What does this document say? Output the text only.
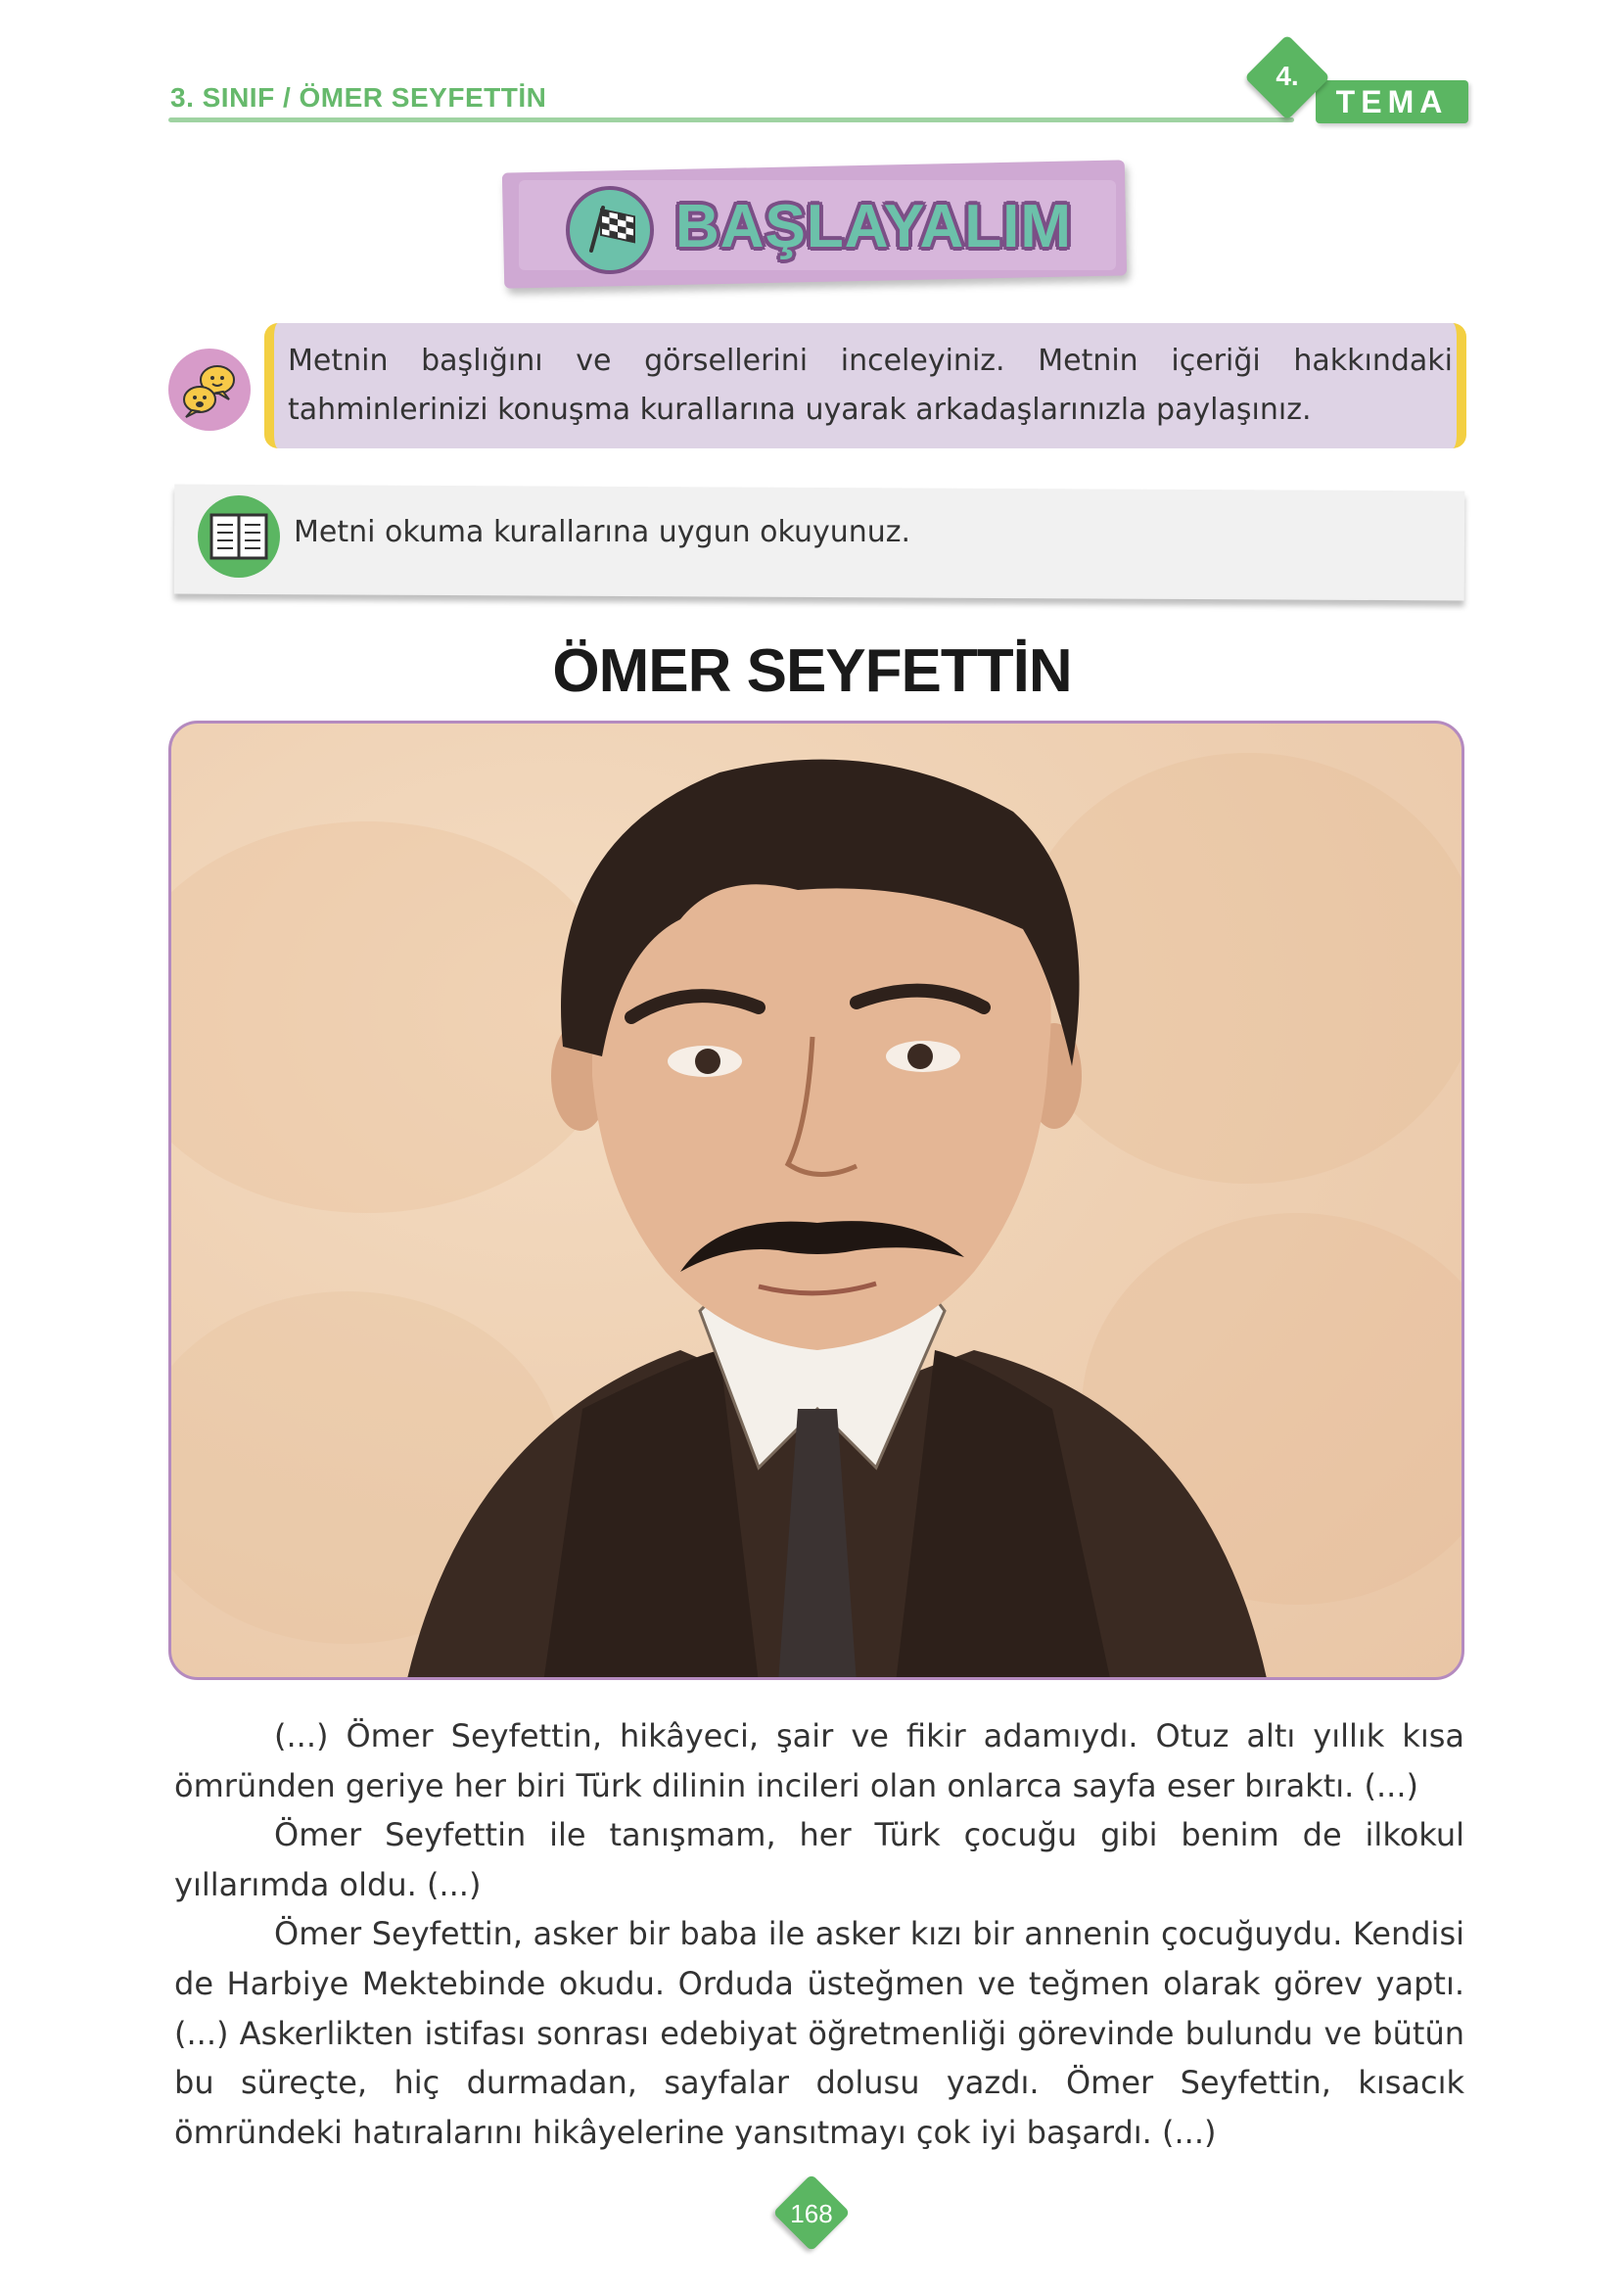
3. SINIF / ÖMER SEYFETTİN	TEMA
4.
BAŞLAYALIM
Metnin başlığını ve görsellerini inceleyiniz. Metnin içeriği hakkındaki tahminlerinizi konuşma kurallarına uyarak arkadaşlarınızla paylaşınız.
Metni okuma kurallarına uygun okuyunuz.
ÖMER SEYFETTİN

(...) Ömer Seyfettin, hikâyeci, şair ve fikir adamıydı. Otuz altı yıllık kısa ömründen geriye her biri Türk dilinin incileri olan onlarca sayfa eser bıraktı. (...)

Ömer Seyfettin ile tanışmam, her Türk çocuğu gibi benim de ilkokul yıllarımda oldu. (...)

Ömer Seyfettin, asker bir baba ile asker kızı bir annenin çocuğuydu. Kendisi de Harbiye Mektebinde okudu. Orduda üsteğmen ve teğmen olarak görev yaptı. (...) Askerlikten istifası sonrası edebiyat öğretmenliği görevinde bulundu ve bütün bu süreçte, hiç durmadan, sayfalar dolusu yazdı. Ömer Seyfettin, kısacık ömründeki hatıralarını hikâyelerine yansıtmayı çok iyi başardı. (...)

168
